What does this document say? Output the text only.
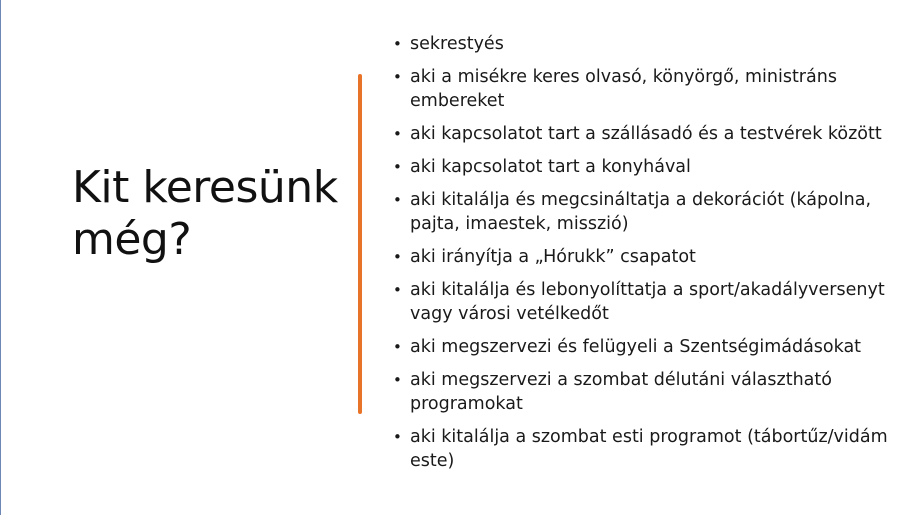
Kit keresünk
még?
• sekrestyés
• aki a misékre keres olvasó, könyörgő, ministráns embereket
• aki kapcsolatot tart a szállásadó és a testvérek között
• aki kapcsolatot tart a konyhával
• aki kitalálja és megcsináltatja a dekorációt (kápolna, pajta, imaestek, misszió)
• aki irányítja a „Hórukk” csapatot
• aki kitalálja és lebonyolíttatja a sport/akadályversenyt vagy városi vetélkedőt
• aki megszervezi és felügyeli a Szentségimádásokat
• aki megszervezi a szombat délutáni választható programokat
• aki kitalálja a szombat esti programot (tábortűz/vidám este)
